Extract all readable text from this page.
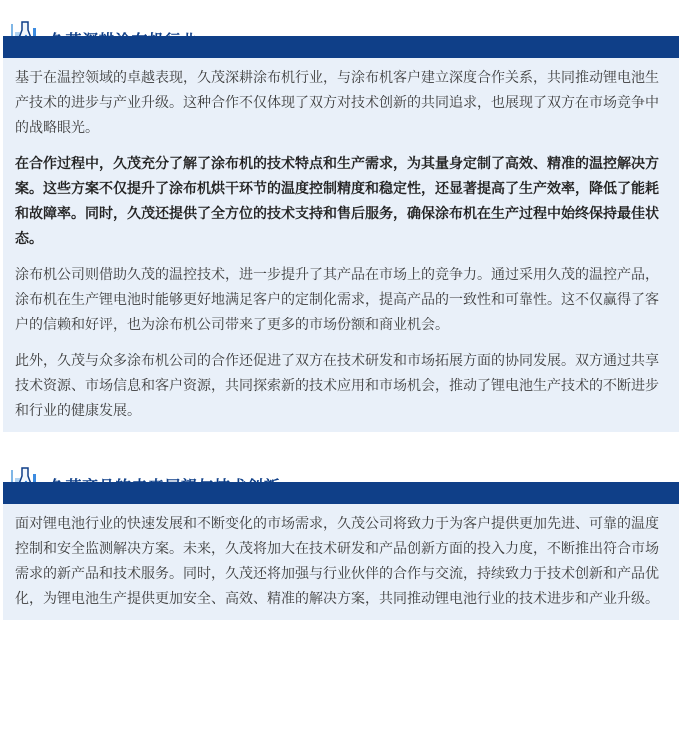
基于在温控领域的卓越表现，久茂深耕涂布机行业，与涂布机客户建立深度合作关系，共同推动锂电池生产技术的进步与产业升级。这种合作不仅体现了双方对技术创新的共同追求，也展现了双方在市场竞争中的战略眼光。

在合作过程中，久茂充分了解了涂布机的技术特点和生产需求，为其量身定制了高效、精准的温控解决方案。这些方案不仅提升了涂布机烘干环节的温度控制精度和稳定性，还显著提高了生产效率，降低了能耗和故障率。同时，久茂还提供了全方位的技术支持和售后服务，确保涂布机在生产过程中始终保持最佳状态。

涂布机公司则借助久茂的温控技术，进一步提升了其产品在市场上的竞争力。通过采用久茂的温控产品，涂布机在生产锂电池时能够更好地满足客户的定制化需求，提高产品的一致性和可靠性。这不仅赢得了客户的信赖和好评，也为涂布机公司带来了更多的市场份额和商业机会。

此外，久茂与众多涂布机公司的合作还促进了双方在技术研发和市场拓展方面的协同发展。双方通过共享技术资源、市场信息和客户资源，共同探索新的技术应用和市场机会，推动了锂电池生产技术的不断进步和行业的健康发展。

面对锂电池行业的快速发展和不断变化的市场需求，久茂公司将致力于为客户提供更加先进、可靠的温度控制和安全监测解决方案。未来，久茂将加大在技术研发和产品创新方面的投入力度，不断推出符合市场需求的新产品和技术服务。同时，久茂还将加强与行业伙伴的合作与交流，持续致力于技术创新和产品优化，为锂电池生产提供更加安全、高效、精准的解决方案，共同推动锂电池行业的技术进步和产业升级。
